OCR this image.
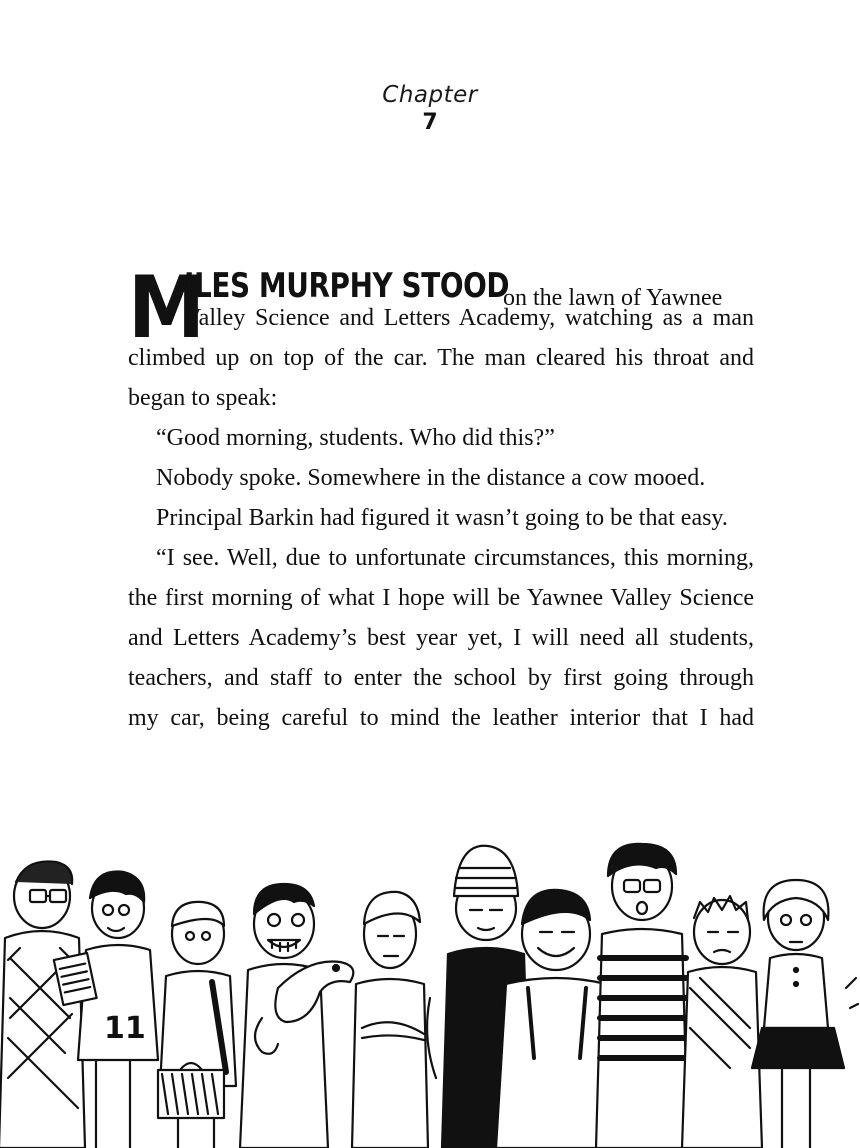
Chapter
7
M
ILES MURPHY STOOD
on the lawn of Yawnee
Valley Science and Letters Academy, watching as a man
climbed up on top of the car. The man cleared his throat and
began to speak:
“Good morning, students. Who did this?”
Nobody spoke. Somewhere in the distance a cow mooed.
Principal Barkin had figured it wasn’t going to be that easy.
“I see. Well, due to unfortunate circumstances, this morning,
the first morning of what I hope will be Yawnee Valley Science
and Letters Academy’s best year yet, I will need all students,
teachers, and staff to enter the school by first going through
my car, being careful to mind the leather interior that I had
11
